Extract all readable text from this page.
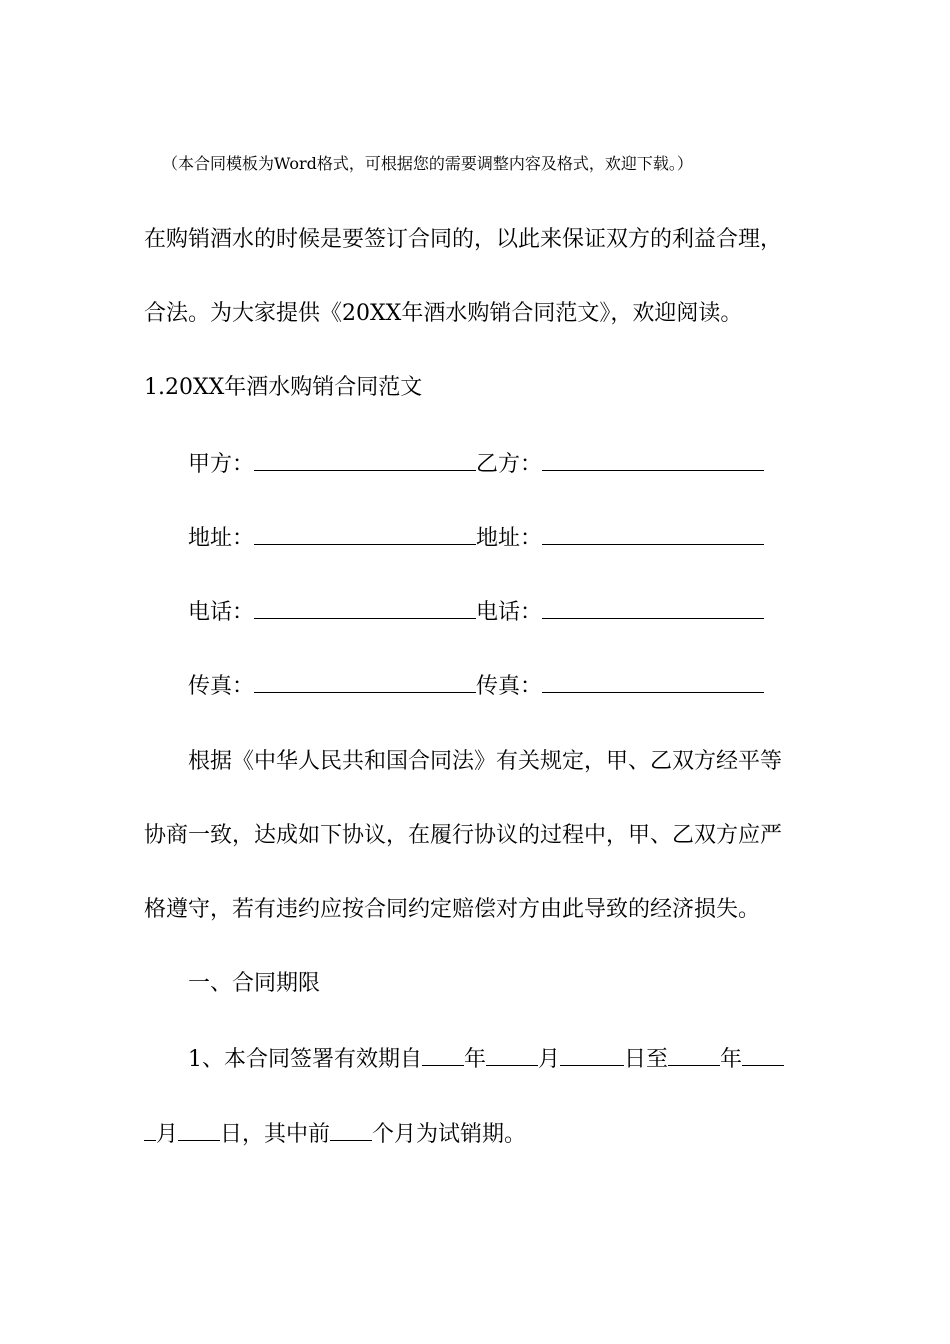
（本合同模板为Word格式，可根据您的需要调整内容及格式，欢迎下载。）
在购销酒水的时候是要签订合同的，以此来保证双方的利益合理，
合法。为大家提供《20XX年酒水购销合同范文》，欢迎阅读。
1.20XX年酒水购销合同范文
甲方：	乙方：
地址：	地址：
电话：	电话：
传真：	传真：
根据《中华人民共和国合同法》有关规定，甲、乙双方经平等
协商一致，达成如下协议，在履行协议的过程中，甲、乙双方应严
格遵守，若有违约应按合同约定赔偿对方由此导致的经济损失。
一、合同期限
1、本合同签署有效期自 年 月	日至 年
月 日，其中前 个月为试销期。
